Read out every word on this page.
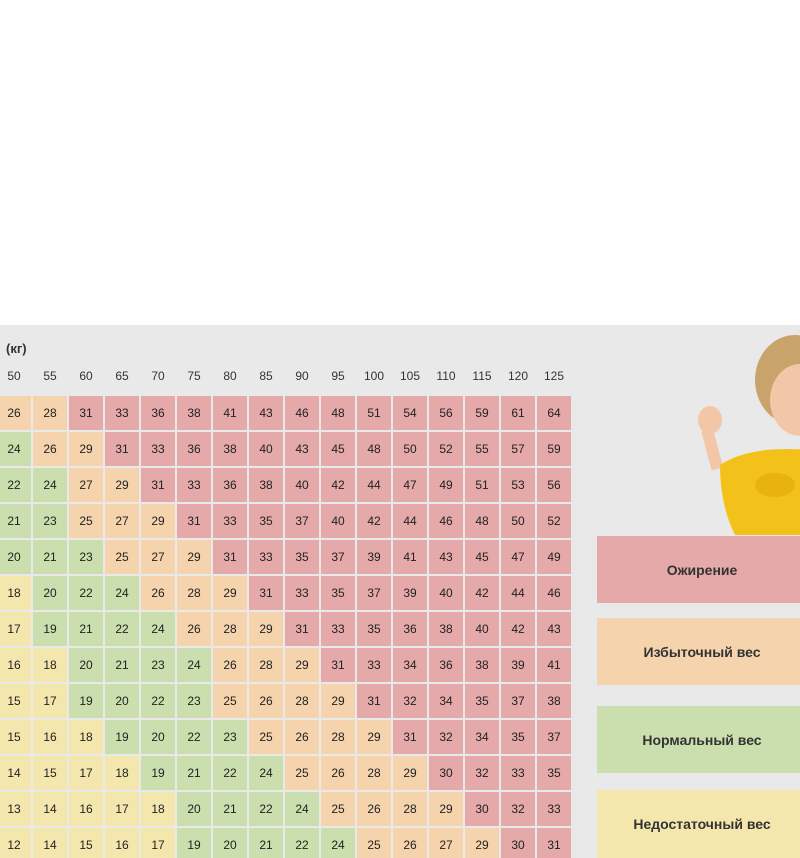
(кг)
50	55	60	65	70	75	80	85	90	95	100	105	110	115	120	125
26	28	31	33	36	38	41	43	46	48	51	54	56	59	61	64
24	26	29	31	33	36	38	40	43	45	48	50	52	55	57	59
22	24	27	29	31	33	36	38	40	42	44	47	49	51	53	56
21	23	25	27	29	31	33	35	37	40	42	44	46	48	50	52
20	21	23	25	27	29	31	33	35	37	39	41	43	45	47	49
18	20	22	24	26	28	29	31	33	35	37	39	40	42	44	46
17	19	21	22	24	26	28	29	31	33	35	36	38	40	42	43
16	18	20	21	23	24	26	28	29	31	33	34	36	38	39	41
15	17	19	20	22	23	25	26	28	29	31	32	34	35	37	38
15	16	18	19	20	22	23	25	26	28	29	31	32	34	35	37
14	15	17	18	19	21	22	24	25	26	28	29	30	32	33	35
13	14	16	17	18	20	21	22	24	25	26	28	29	30	32	33
12	14	15	16	17	19	20	21	22	24	25	26	27	29	30	31
Ожирение
Избыточный вес
Нормальный вес
Недостаточный вес
